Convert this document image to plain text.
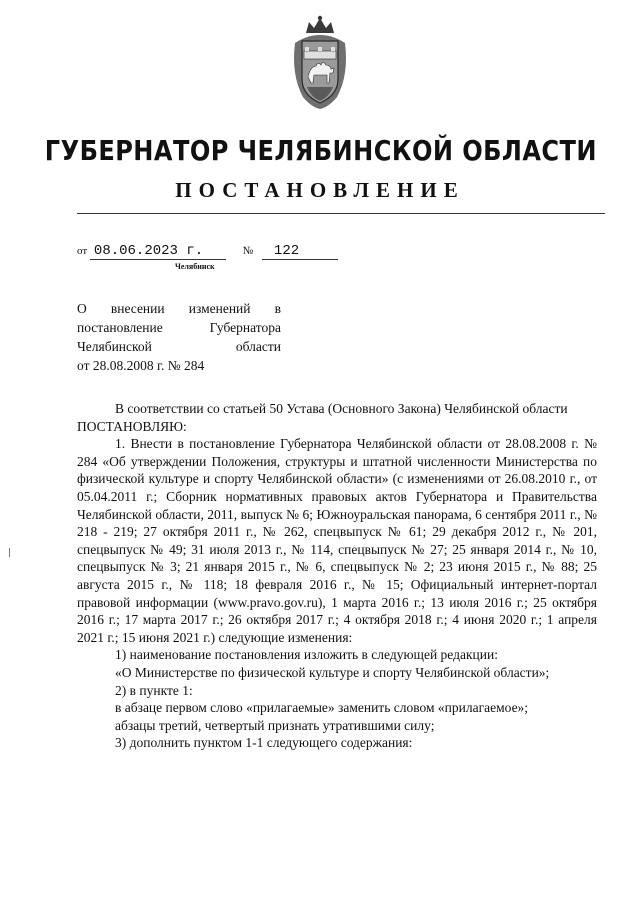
ГУБЕРНАТОР ЧЕЛЯБИНСКОЙ ОБЛАСТИ
ПОСТАНОВЛЕНИЕ
от 08.06.2023 г.	№ 122
Челябинск
О внесении изменений в
постановление Губернатора
Челябинской области
от 28.08.2008 г. № 284

В соответствии со статьей 50 Устава (Основного Закона) Челябинской области

ПОСТАНОВЛЯЮ:

1. Внести в постановление Губернатора Челябинской области от 28.08.2008 г. № 284 «Об утверждении Положения, структуры и штатной численности Министерства по физической культуре и спорту Челябинской области» (с изменениями от 26.08.2010 г., от 05.04.2011 г.; Сборник нормативных правовых актов Губернатора и Правительства Челябинской области, 2011, выпуск № 6; Южноуральская панорама, 6 сентября 2011 г., № 218 - 219; 27 октября 2011 г., № 262, спецвыпуск № 61; 29 декабря 2012 г., № 201, спецвыпуск № 49; 31 июля 2013 г., № 114, спецвыпуск № 27; 25 января 2014 г., № 10, спецвыпуск № 3; 21 января 2015 г., № 6, спецвыпуск № 2; 23 июня 2015 г., № 88; 25 августа 2015 г., № 118; 18 февраля 2016 г., № 15; Официальный интернет-портал правовой информации (www.pravo.gov.ru), 1 марта 2016 г.; 13 июля 2016 г.; 25 октября 2016 г.; 17 марта 2017 г.; 26 октября 2017 г.; 4 октября 2018 г.; 4 июня 2020 г.; 1 апреля 2021 г.; 15 июня 2021 г.) следующие изменения:

1) наименование постановления изложить в следующей редакции:

«О Министерстве по физической культуре и спорту Челябинской области»;

2) в пункте 1:

в абзаце первом слово «прилагаемые» заменить словом «прилагаемое»;

абзацы третий, четвертый признать утратившими силу;

3) дополнить пунктом 1-1 следующего содержания:
